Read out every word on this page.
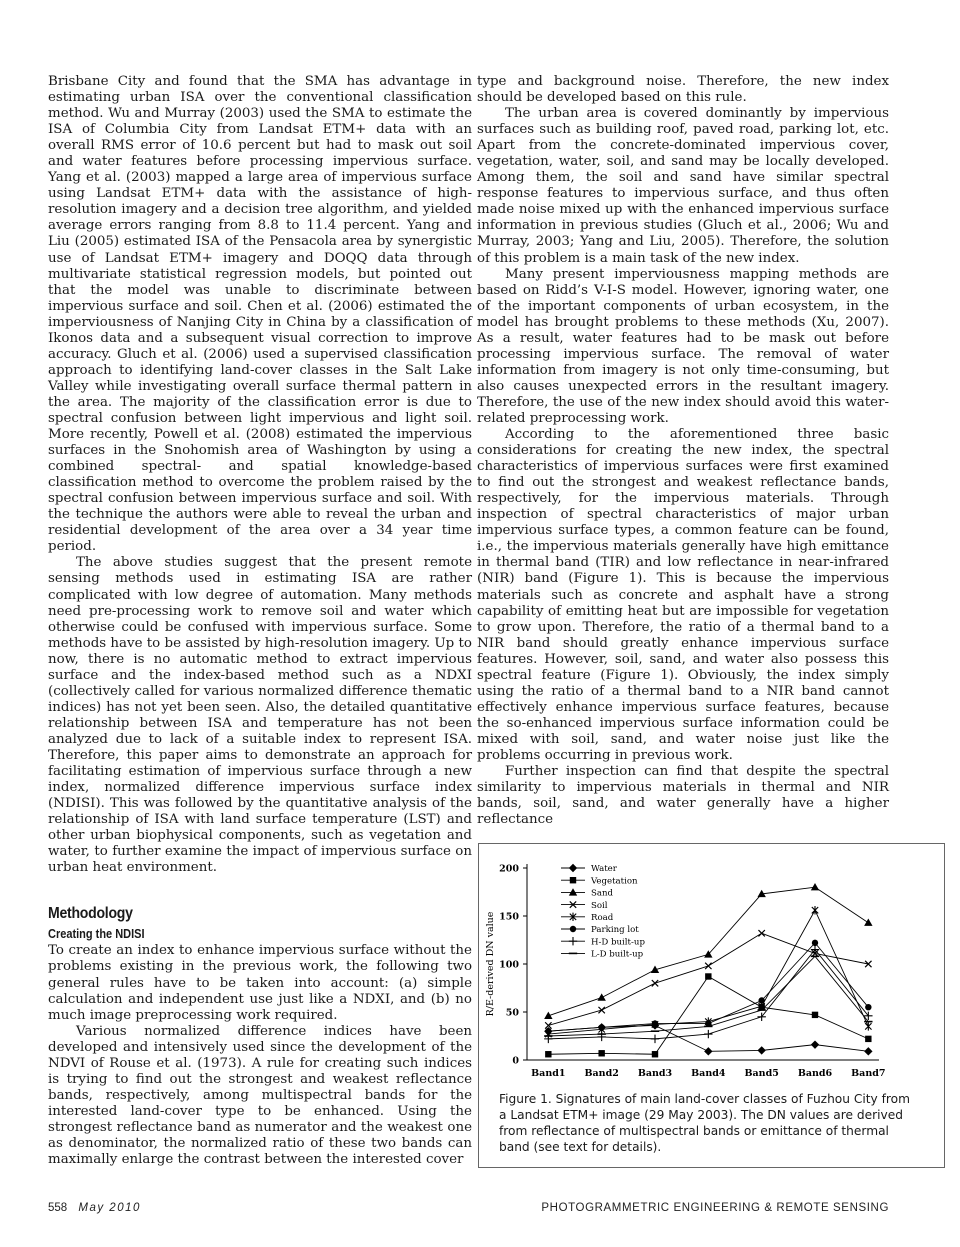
Brisbane City and found that the SMA has advantage in estimating urban ISA over the conventional classification method. Wu and Murray (2003) used the SMA to estimate the ISA of Columbia City from Landsat ETM+ data with an overall RMS error of 10.6 percent but had to mask out soil and water features before processing impervious surface. Yang et al. (2003) mapped a large area of impervious surface using Landsat ETM+ data with the assistance of high-resolution imagery and a decision tree algorithm, and yielded average errors ranging from 8.8 to 11.4 percent. Yang and Liu (2005) estimated ISA of the Pensacola area by synergistic use of Landsat ETM+ imagery and DOQQ data through multivariate statistical regression models, but pointed out that the model was unable to discriminate between impervious surface and soil. Chen et al. (2006) estimated the imperviousness of Nanjing City in China by a classification of Ikonos data and a subsequent visual correction to improve accuracy. Gluch et al. (2006) used a supervised classification approach to identifying land-cover classes in the Salt Lake Valley while investigating overall surface thermal pattern in the area. The majority of the classification error is due to spectral confusion between light impervious and light soil. More recently, Powell et al. (2008) estimated the impervious surfaces in the Snohomish area of Washington by using a combined spectral- and spatial knowledge-based classification method to overcome the problem raised by the spectral confusion between impervious surface and soil. With the technique the authors were able to reveal the urban and residential development of the area over a 34 year time period.

The above studies suggest that the present remote sensing methods used in estimating ISA are rather complicated with low degree of automation. Many methods need pre-processing work to remove soil and water which otherwise could be confused with impervious surface. Some methods have to be assisted by high-resolution imagery. Up to now, there is no automatic method to extract impervious surface and the index-based method such as a NDXI (collectively called for various normalized difference thematic indices) has not yet been seen. Also, the detailed quantitative relationship between ISA and temperature has not been analyzed due to lack of a suitable index to represent ISA. Therefore, this paper aims to demonstrate an approach for facilitating estimation of impervious surface through a new index, normalized difference impervious surface index (NDISI). This was followed by the quantitative analysis of the relationship of ISA with land surface temperature (LST) and other urban biophysical components, such as vegetation and water, to further examine the impact of impervious surface on urban heat environment.

Methodology
Creating the NDISI

To create an index to enhance impervious surface without the problems existing in the previous work, the following two general rules have to be taken into account: (a) simple calculation and independent use just like a NDXI, and (b) no much image preprocessing work required.

Various normalized difference indices have been developed and intensively used since the development of the NDVI of Rouse et al. (1973). A rule for creating such indices is trying to find out the strongest and weakest reflectance bands, respectively, among multispectral bands for the interested land-cover type to be enhanced. Using the strongest reflectance band as numerator and the weakest one as denominator, the normalized ratio of these two bands can maximally enlarge the contrast between the interested cover

type and background noise. Therefore, the new index should be developed based on this rule.

The urban area is covered dominantly by impervious surfaces such as building roof, paved road, parking lot, etc. Apart from the concrete-dominated impervious cover, vegetation, water, soil, and sand may be locally developed. Among them, the soil and sand have similar spectral response features to impervious surface, and thus often made noise mixed up with the enhanced impervious surface information in previous studies (Gluch et al., 2006; Wu and Murray, 2003; Yang and Liu, 2005). Therefore, the solution of this problem is a main task of the new index.

Many present imperviousness mapping methods are based on Ridd’s V-I-S model. However, ignoring water, one of the important components of urban ecosystem, in the model has brought problems to these methods (Xu, 2007). As a result, water features had to be mask out before processing impervious surface. The removal of water information from imagery is not only time-consuming, but also causes unexpected errors in the resultant imagery. Therefore, the use of the new index should avoid this water-related preprocessing work.

According to the aforementioned three basic considerations for creating the new index, the spectral characteristics of impervious surfaces were first examined to find out the strongest and weakest reflectance bands, respectively, for the impervious materials. Through inspection of spectral characteristics of major urban impervious surface types, a common feature can be found, i.e., the impervious materials generally have high emittance in thermal band (TIR) and low reflectance in near-infrared (NIR) band (Figure 1). This is because the impervious materials such as concrete and asphalt have a strong capability of emitting heat but are impossible for vegetation to grow upon. Therefore, the ratio of a thermal band to a NIR band should greatly enhance impervious surface features. However, soil, sand, and water also possess this spectral feature (Figure 1). Obviously, the index simply using the ratio of a thermal band to a NIR band cannot effectively enhance impervious surface features, because the so-enhanced impervious surface information could be mixed with soil, sand, and water noise just like the problems occurring in previous work.

Further inspection can find that despite the spectral similarity to impervious materials in thermal and NIR bands, soil, sand, and water generally have a higher reflectance

0
50
100
150
200
R/E-derived DN value
Band1 Band2 Band3 Band4 Band5 Band6 Band7
Water
Vegetation
Sand
Soil
Road
Parking lot
H-D built-up
L-D built-up
Figure 1. Signatures of main land-cover classes of Fuzhou City from a Landsat ETM+ image (29 May 2003). The DN values are derived from reflectance of multispectral bands or emittance of thermal band (see text for details).
558 May 2010	PHOTOGRAMMETRIC ENGINEERING & REMOTE SENSING
